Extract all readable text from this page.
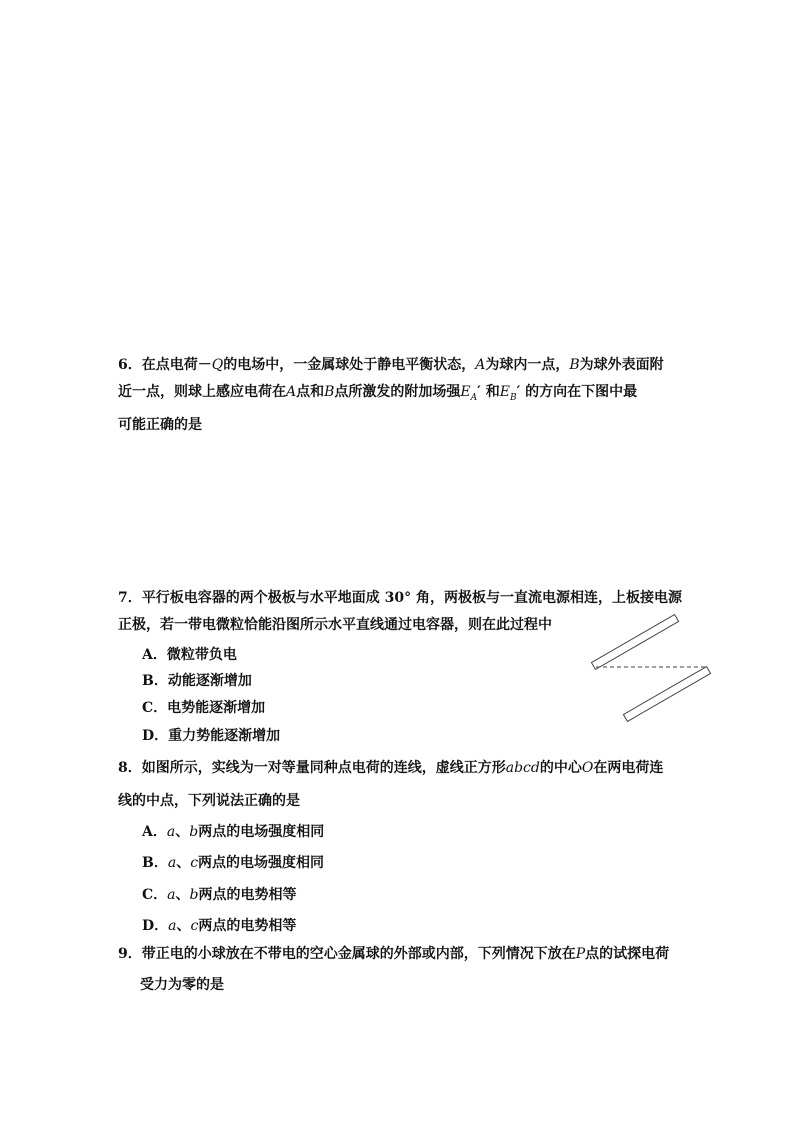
6．在点电荷－Q的电场中，一金属球处于静电平衡状态，A为球内一点，B为球外表面附
近一点，则球上感应电荷在A点和B点所激发的附加场强$E_A'$ 和$E_B'$ 的方向在下图中最
可能正确的是
7．平行板电容器的两个极板与水平地面成 30° 角，两极板与一直流电源相连，上板接电源
正极，若一带电微粒恰能沿图所示水平直线通过电容器，则在此过程中
A．微粒带负电
B．动能逐渐增加
C．电势能逐渐增加
D．重力势能逐渐增加
8．如图所示，实线为一对等量同种点电荷的连线，虚线正方形abcd的中心O在两电荷连
线的中点，下列说法正确的是
A．a、b两点的电场强度相同
B．a、c两点的电场强度相同
C．a、b两点的电势相等
D．a、c两点的电势相等
9．带正电的小球放在不带电的空心金属球的外部或内部，下列情况下放在P点的试探电荷
受力为零的是
